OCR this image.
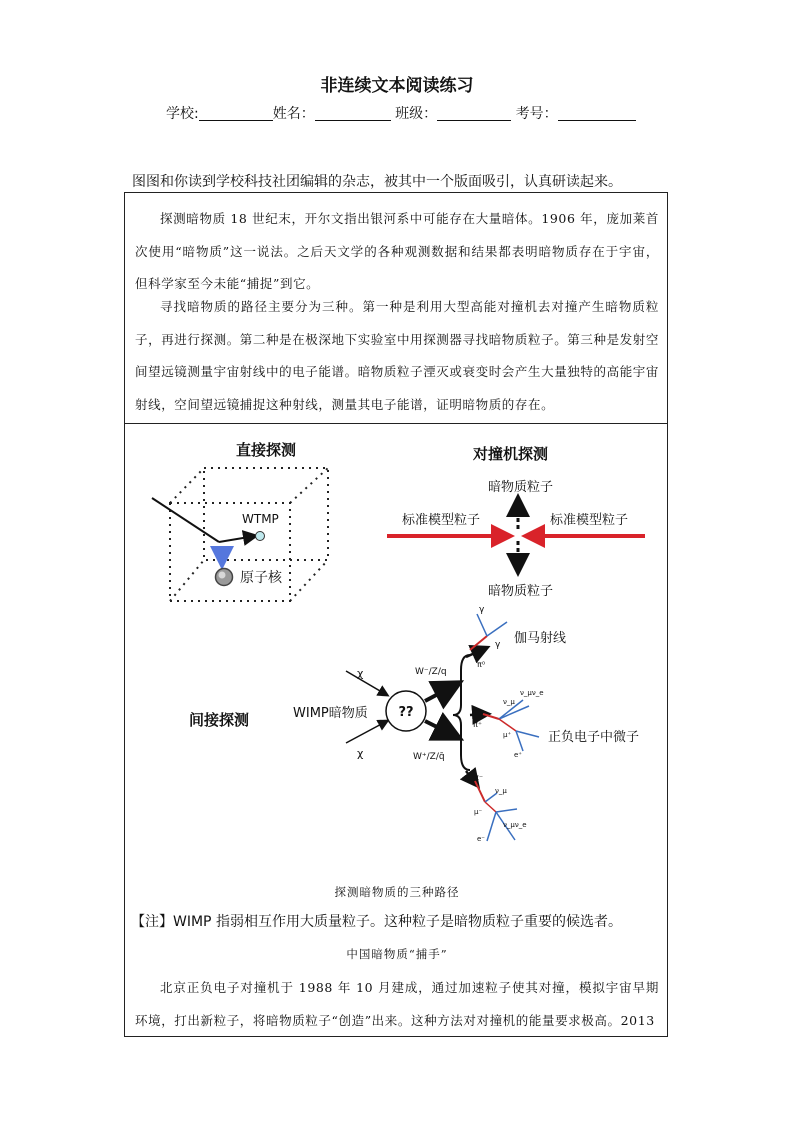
非连续文本阅读练习
学校:	姓名：	班级：	考号：
图图和你读到学校科技社团编辑的杂志，被其中一个版面吸引，认真研读起来。
探测暗物质 18 世纪末，开尔文指出银河系中可能存在大量暗体。1906 年，庞加莱首次使用“暗物质”这一说法。之后天文学的各种观测数据和结果都表明暗物质存在于宇宙，但科学家至今未能“捕捉”到它。
寻找暗物质的路径主要分为三种。第一种是利用大型高能对撞机去对撞产生暗物质粒子，再进行探测。第二种是在极深地下实验室中用探测器寻找暗物质粒子。第三种是发射空间望远镜测量宇宙射线中的电子能谱。暗物质粒子湮灭或衰变时会产生大量独特的高能宇宙射线，空间望远镜捕捉这种射线，测量其电子能谱，证明暗物质的存在。
直接探测
WTMP
原子核
对撞机探测
暗物质粒子
暗物质粒子
标准模型粒子	标准模型粒子
间接探测	WIMP暗物质
χ
χ
??
W⁻/Z/q
W⁺/Z/q̄
γ
γ
π⁰
伽马射线
ν_μ
ν_μν_e
π⁺
μ⁺
e⁺
正负电子中微子
π⁻
ν_μ
μ⁻
ν_μν_e
e⁻
探测暗物质的三种路径
【注】WIMP 指弱相互作用大质量粒子。这种粒子是暗物质粒子重要的候选者。
中国暗物质“捕手”
北京正负电子对撞机于 1988 年 10 月建成，通过加速粒子使其对撞，模拟宇宙早期环境，打出新粒子，将暗物质粒子“创造”出来。这种方法对对撞机的能量要求极高。2013
